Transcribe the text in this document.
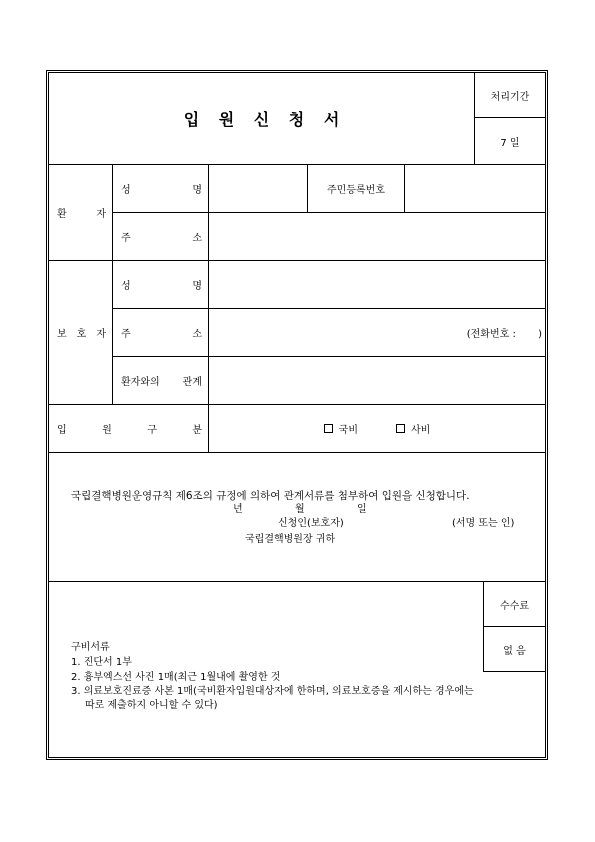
입 원 신 청 서
처리기간
7 일
환 자
성 명	주민등록번호
주 소
보 호 자
성 명
주 소	(전화번호 :       )
환자와의 관계
입 원 구 분	국비	사비
국립결핵병원운영규칙 제6조의 규정에 의하여 관계서류를 첨부하여 입원을 신청합니다.
년	월	일
신청인(보호자)	(서명 또는 인)
국립결핵병원장 귀하
구비서류
1. 진단서 1부
2. 흉부엑스선 사진 1매(최근 1월내에 촬영한 것
3. 의료보호진료증 사본 1매(국비환자입원대상자에 한하며, 의료보호증을 제시하는 경우에는
따로 제출하지 아니할 수 있다)
수수료
없 음
